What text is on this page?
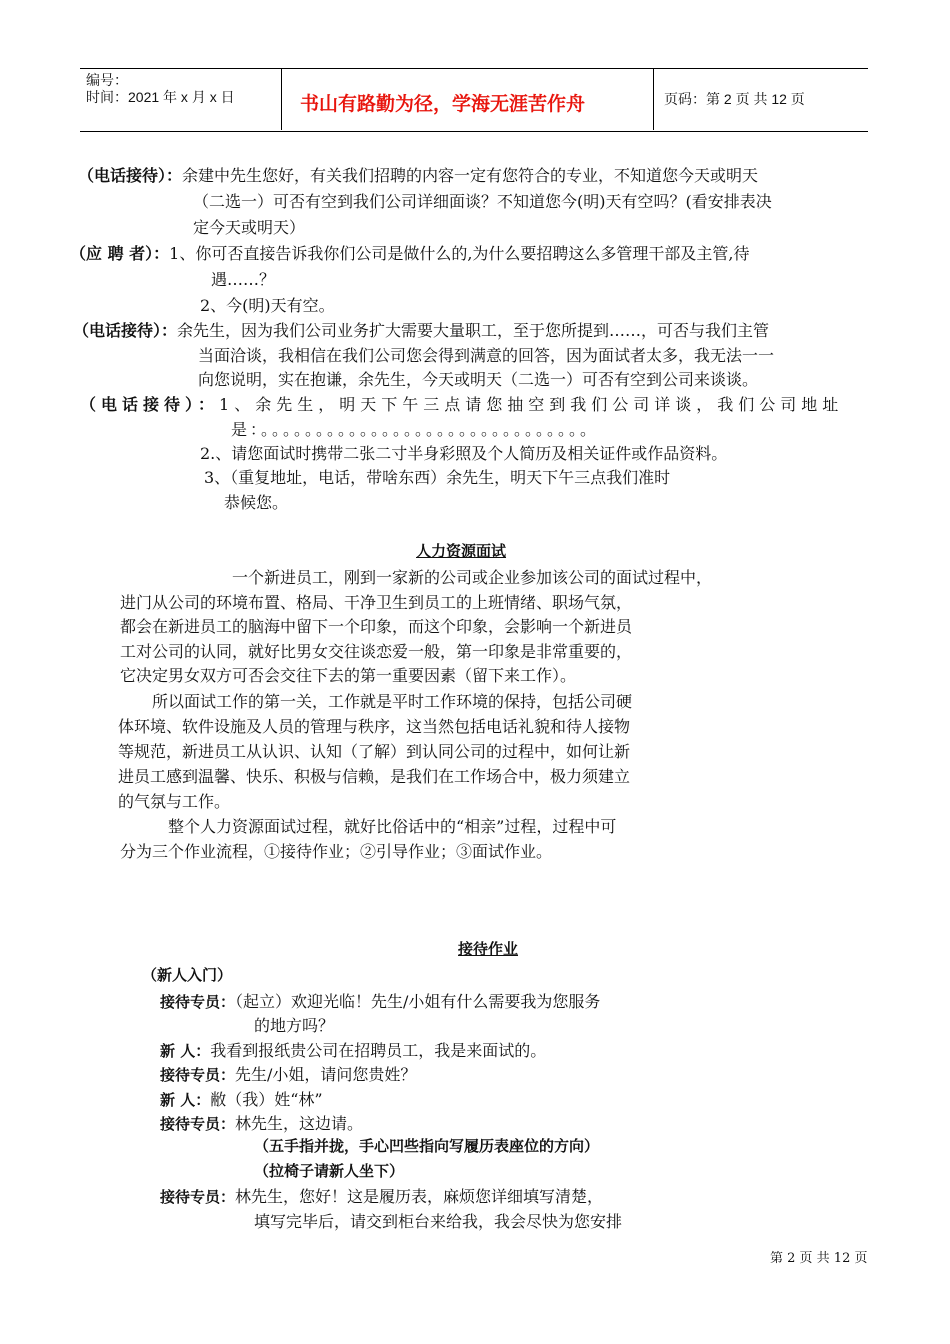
编号：
时间：2021 年 x 月 x 日	书山有路勤为径，学海无涯苦作舟	页码：第 2 页 共 12 页
（电话接待）：余建中先生您好，有关我们招聘的内容一定有您符合的专业，不知道您今天或明天
（二选一）可否有空到我们公司详细面谈？不知道您今(明)天有空吗？(看安排表决
定今天或明天）
（应 聘 者）：1、你可否直接告诉我你们公司是做什么的,为什么要招聘这么多管理干部及主管,待
遇……？
2、今(明)天有空。
（电话接待）：余先生，因为我们公司业务扩大需要大量职工，至于您所提到……，可否与我们主管
当面洽谈，我相信在我们公司您会得到满意的回答，因为面试者太多，我无法一一
向您说明，实在抱谦，余先生，今天或明天（二选一）可否有空到公司来谈谈。
（电话接待）：1、余先生，明天下午三点请您抽空到我们公司详谈，我们公司地址
是：。。。。。。。。。。。。。。。。。。。。。。。。。。。。。。
2.、请您面试时携带二张二寸半身彩照及个人简历及相关证件或作品资料。
3、（重复地址，电话，带啥东西）余先生，明天下午三点我们准时
恭候您。
人力资源面试
一个新进员工，刚到一家新的公司或企业参加该公司的面试过程中，
进门从公司的环境布置、格局、干净卫生到员工的上班情绪、职场气氛，
都会在新进员工的脑海中留下一个印象，而这个印象，会影响一个新进员
工对公司的认同，就好比男女交往谈恋爱一般，第一印象是非常重要的，
它决定男女双方可否会交往下去的第一重要因素（留下来工作）。
所以面试工作的第一关，工作就是平时工作环境的保持，包括公司硬
体环境、软件设施及人员的管理与秩序，这当然包括电话礼貌和待人接物
等规范，新进员工从认识、认知（了解）到认同公司的过程中，如何让新
进员工感到温馨、快乐、积极与信赖，是我们在工作场合中，极力须建立
的气氛与工作。
整个人力资源面试过程，就好比俗话中的“相亲”过程，过程中可
分为三个作业流程，①接待作业；②引导作业；③面试作业。
接待作业
（新人入门）
接待专员：（起立）欢迎光临！先生/小姐有什么需要我为您服务
的地方吗？
新 人：我看到报纸贵公司在招聘员工，我是来面试的。
接待专员：先生/小姐，请问您贵姓？
新 人：敝（我）姓“林”
接待专员：林先生，这边请。
（五手指并拢，手心凹些指向写履历表座位的方向）
（拉椅子请新人坐下）
接待专员：林先生，您好！这是履历表，麻烦您详细填写清楚，
填写完毕后，请交到柜台来给我，我会尽快为您安排
第 2 页 共 12 页
